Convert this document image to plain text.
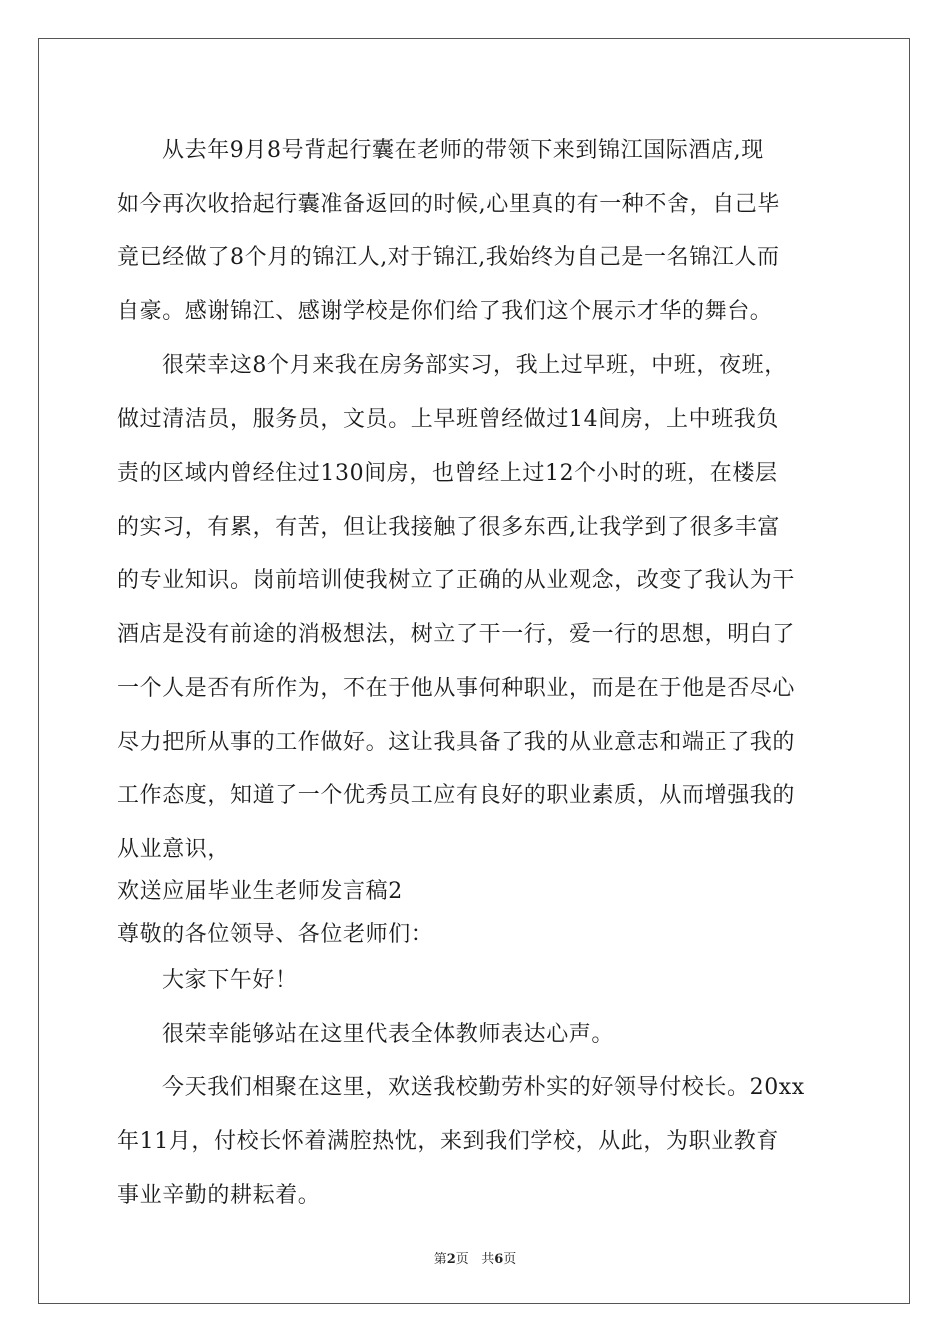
从去年9月8号背起行囊在老师的带领下来到锦江国际酒店,现
如今再次收拾起行囊准备返回的时候,心里真的有一种不舍，自己毕
竟已经做了8个月的锦江人,对于锦江,我始终为自己是一名锦江人而
自豪。感谢锦江、感谢学校是你们给了我们这个展示才华的舞台。
很荣幸这8个月来我在房务部实习，我上过早班，中班，夜班，
做过清洁员，服务员，文员。上早班曾经做过14间房，上中班我负
责的区域内曾经住过130间房，也曾经上过12个小时的班，在楼层
的实习，有累，有苦，但让我接触了很多东西,让我学到了很多丰富
的专业知识。岗前培训使我树立了正确的从业观念，改变了我认为干
酒店是没有前途的消极想法，树立了干一行，爱一行的思想，明白了
一个人是否有所作为，不在于他从事何种职业，而是在于他是否尽心
尽力把所从事的工作做好。这让我具备了我的从业意志和端正了我的
工作态度，知道了一个优秀员工应有良好的职业素质，从而增强我的
从业意识，
欢送应届毕业生老师发言稿2
尊敬的各位领导、各位老师们：
大家下午好！
很荣幸能够站在这里代表全体教师表达心声。
今天我们相聚在这里，欢送我校勤劳朴实的好领导付校长。20xx
年11月，付校长怀着满腔热忱，来到我们学校，从此，为职业教育
事业辛勤的耕耘着。
第2页 共6页
